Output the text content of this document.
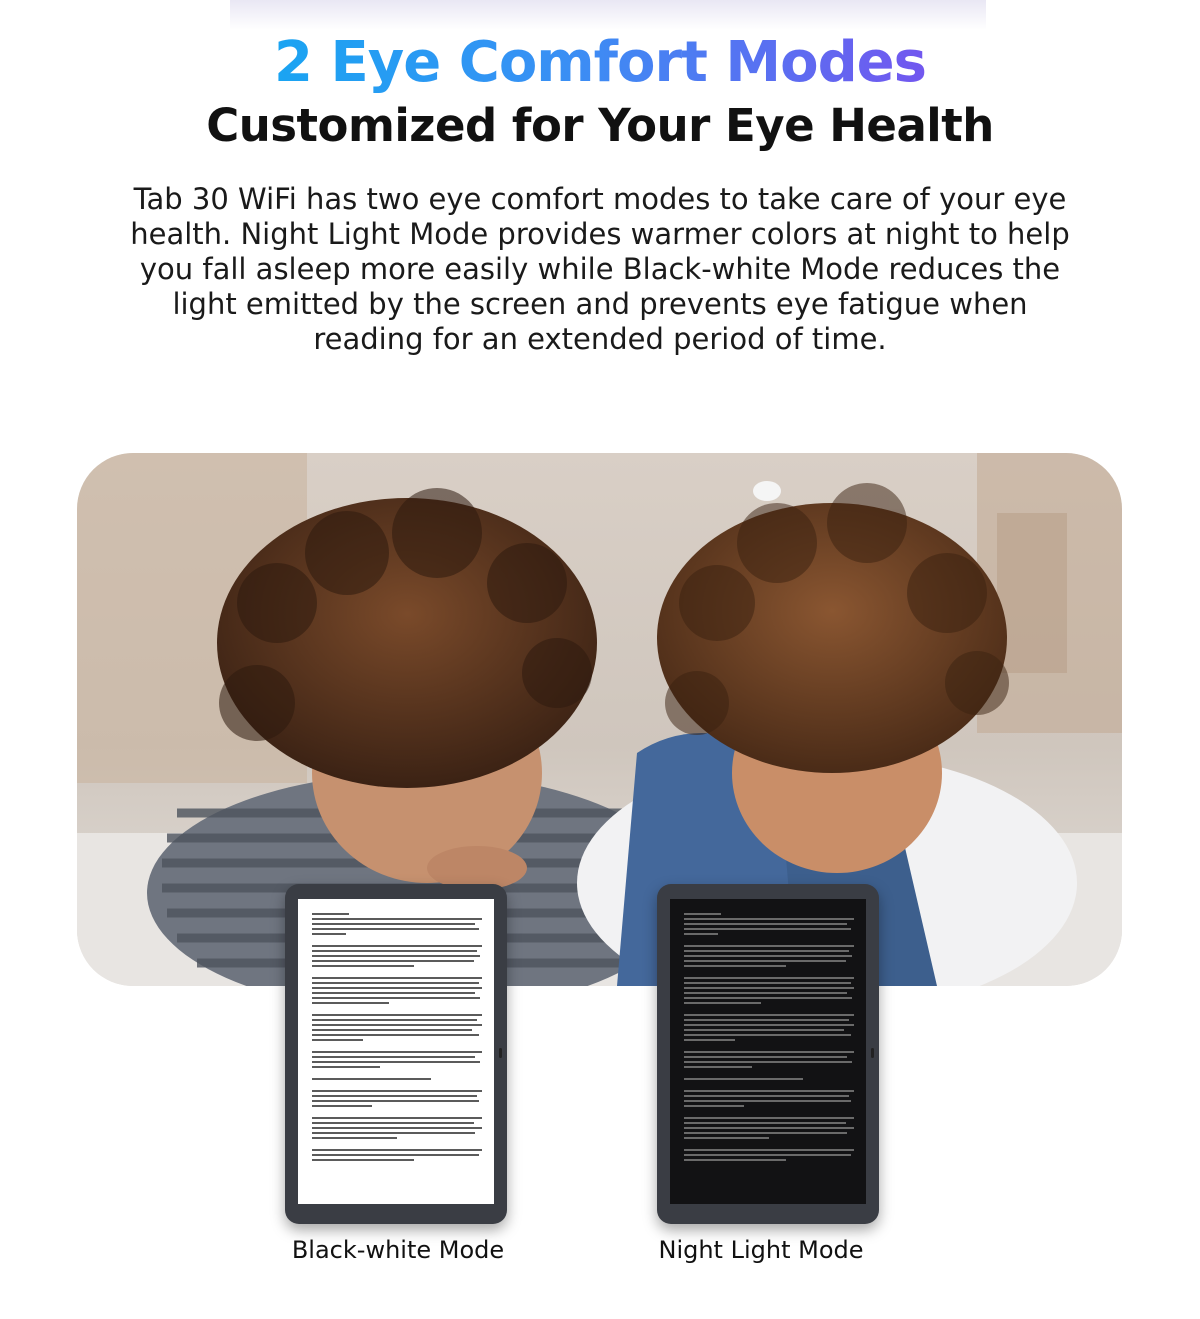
2 Eye Comfort Modes
Customized for Your Eye Health
Tab 30 WiFi has two eye comfort modes to take care of your eye health. Night Light Mode provides warmer colors at night to help you fall asleep more easily while Black-white Mode reduces the light emitted by the screen and prevents eye fatigue when reading for an extended period of time.
Black-white Mode	Night Light Mode
